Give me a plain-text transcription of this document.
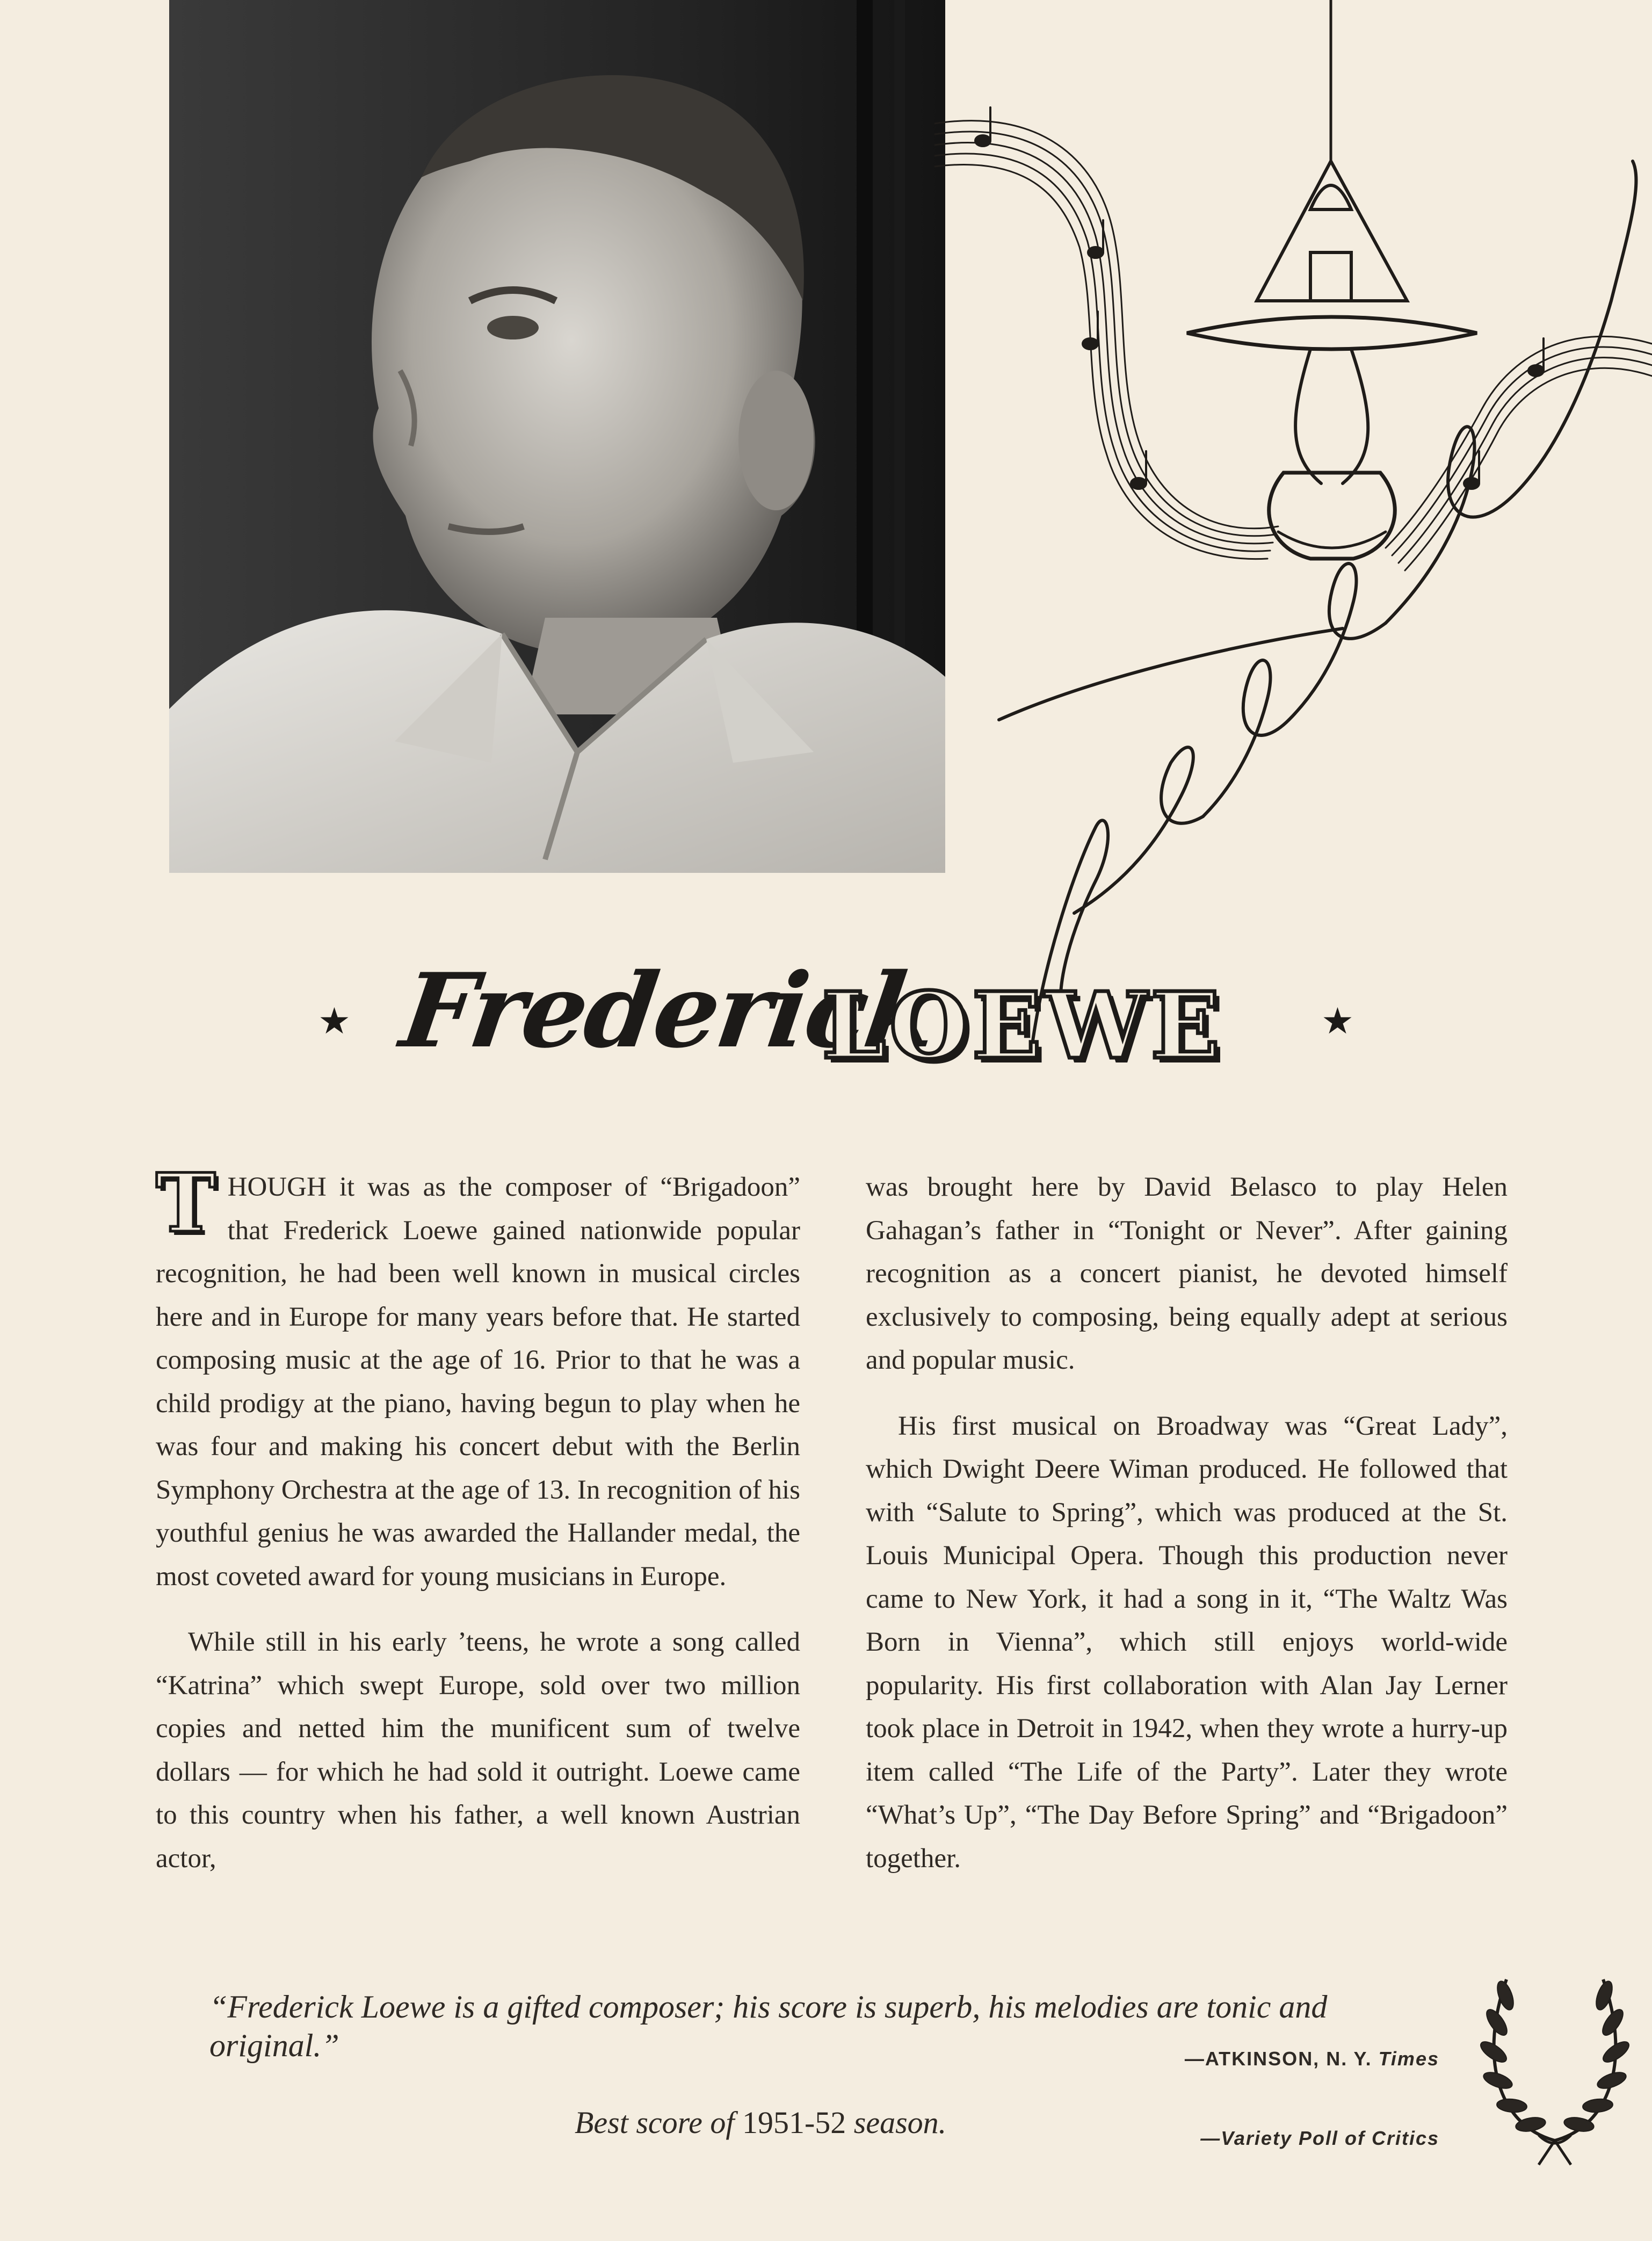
★ Frederick
LOEWE	★

THOUGH it was as the composer of “Brigadoon” that Frederick Loewe gained nationwide popular recognition, he had been well known in musical circles here and in Europe for many years before that. He started composing music at the age of 16. Prior to that he was a child prodigy at the piano, having begun to play when he was four and making his concert debut with the Berlin Symphony Orchestra at the age of 13. In recognition of his youthful genius he was awarded the Hallander medal, the most coveted award for young musicians in Europe.

While still in his early ’teens, he wrote a song called “Katrina” which swept Europe, sold over two million copies and netted him the munificent sum of twelve dollars — for which he had sold it outright. Loewe came to this country when his father, a well known Austrian actor,

was brought here by David Belasco to play Helen Gahagan’s father in “Tonight or Never”. After gaining recognition as a concert pianist, he devoted himself exclusively to composing, being equally adept at serious and popular music.

His first musical on Broadway was “Great Lady”, which Dwight Deere Wiman produced. He followed that with “Salute to Spring”, which was produced at the St. Louis Municipal Opera. Though this production never came to New York, it had a song in it, “The Waltz Was Born in Vienna”, which still enjoys world-wide popularity. His first collaboration with Alan Jay Lerner took place in Detroit in 1942, when they wrote a hurry-up item called “The Life of the Party”. Later they wrote “What’s Up”, “The Day Before Spring” and “Brigadoon” together.

“Frederick Loewe is a gifted composer; his score is superb, his melodies are tonic and original.”	—ATKINSON, N. Y. Times
Best score of 1951-52 season.	—Variety Poll of Critics
